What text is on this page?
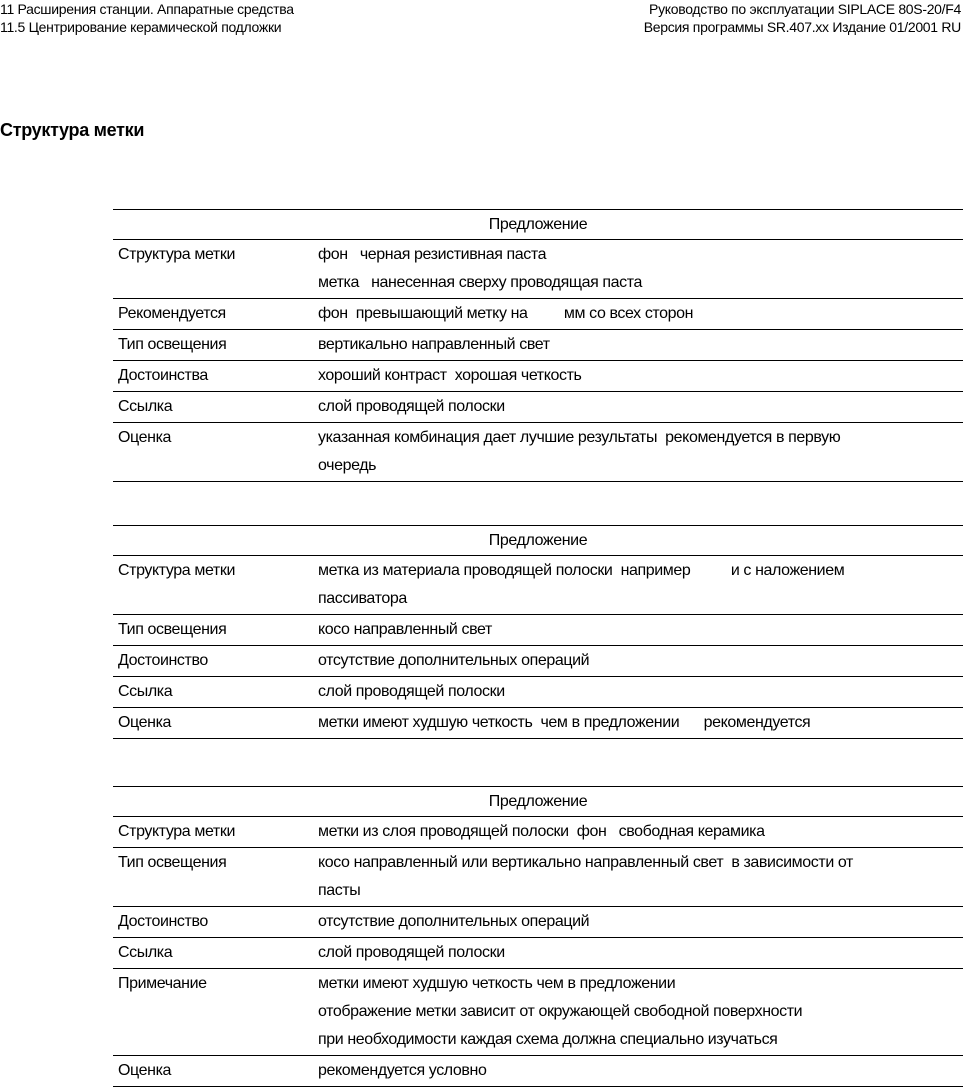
11 Расширения станции. Аппаратные средства
11.5 Центрирование керамической подложки
Руководство по эксплуатации SIPLACE 80S-20/F4
Версия программы SR.407.xx Издание 01/2001 RU
Структура метки
Предложение	
Структура метки	фон   черная резистивная паста
метка   нанесенная сверху проводящая паста

Рекомендуется	фон  превышающий метку на         мм со всех сторон

Тип освещения	вертикально направленный свет

Достоинства	хороший контраст  хорошая четкость

Ссылка	слой проводящей полоски

Оценка	указанная комбинация дает лучшие результаты  рекомендуется в первую
очередь
Предложение	
Структура метки	метка из материала проводящей полоски  например          и с наложением
пассиватора

Тип освещения	косо направленный свет

Достоинство	отсутствие дополнительных операций

Ссылка	слой проводящей полоски

Оценка	метки имеют худшую четкость  чем в предложении      рекомендуется
Предложение	
Структура метки	метки из слоя проводящей полоски  фон   свободная керамика

Тип освещения	косо направленный или вертикально направленный свет  в зависимости от
пасты

Достоинство	отсутствие дополнительных операций

Ссылка	слой проводящей полоски

Примечание	метки имеют худшую четкость чем в предложении
отображение метки зависит от окружающей свободной поверхности
при необходимости каждая схема должна специально изучаться

Оценка	рекомендуется условно
